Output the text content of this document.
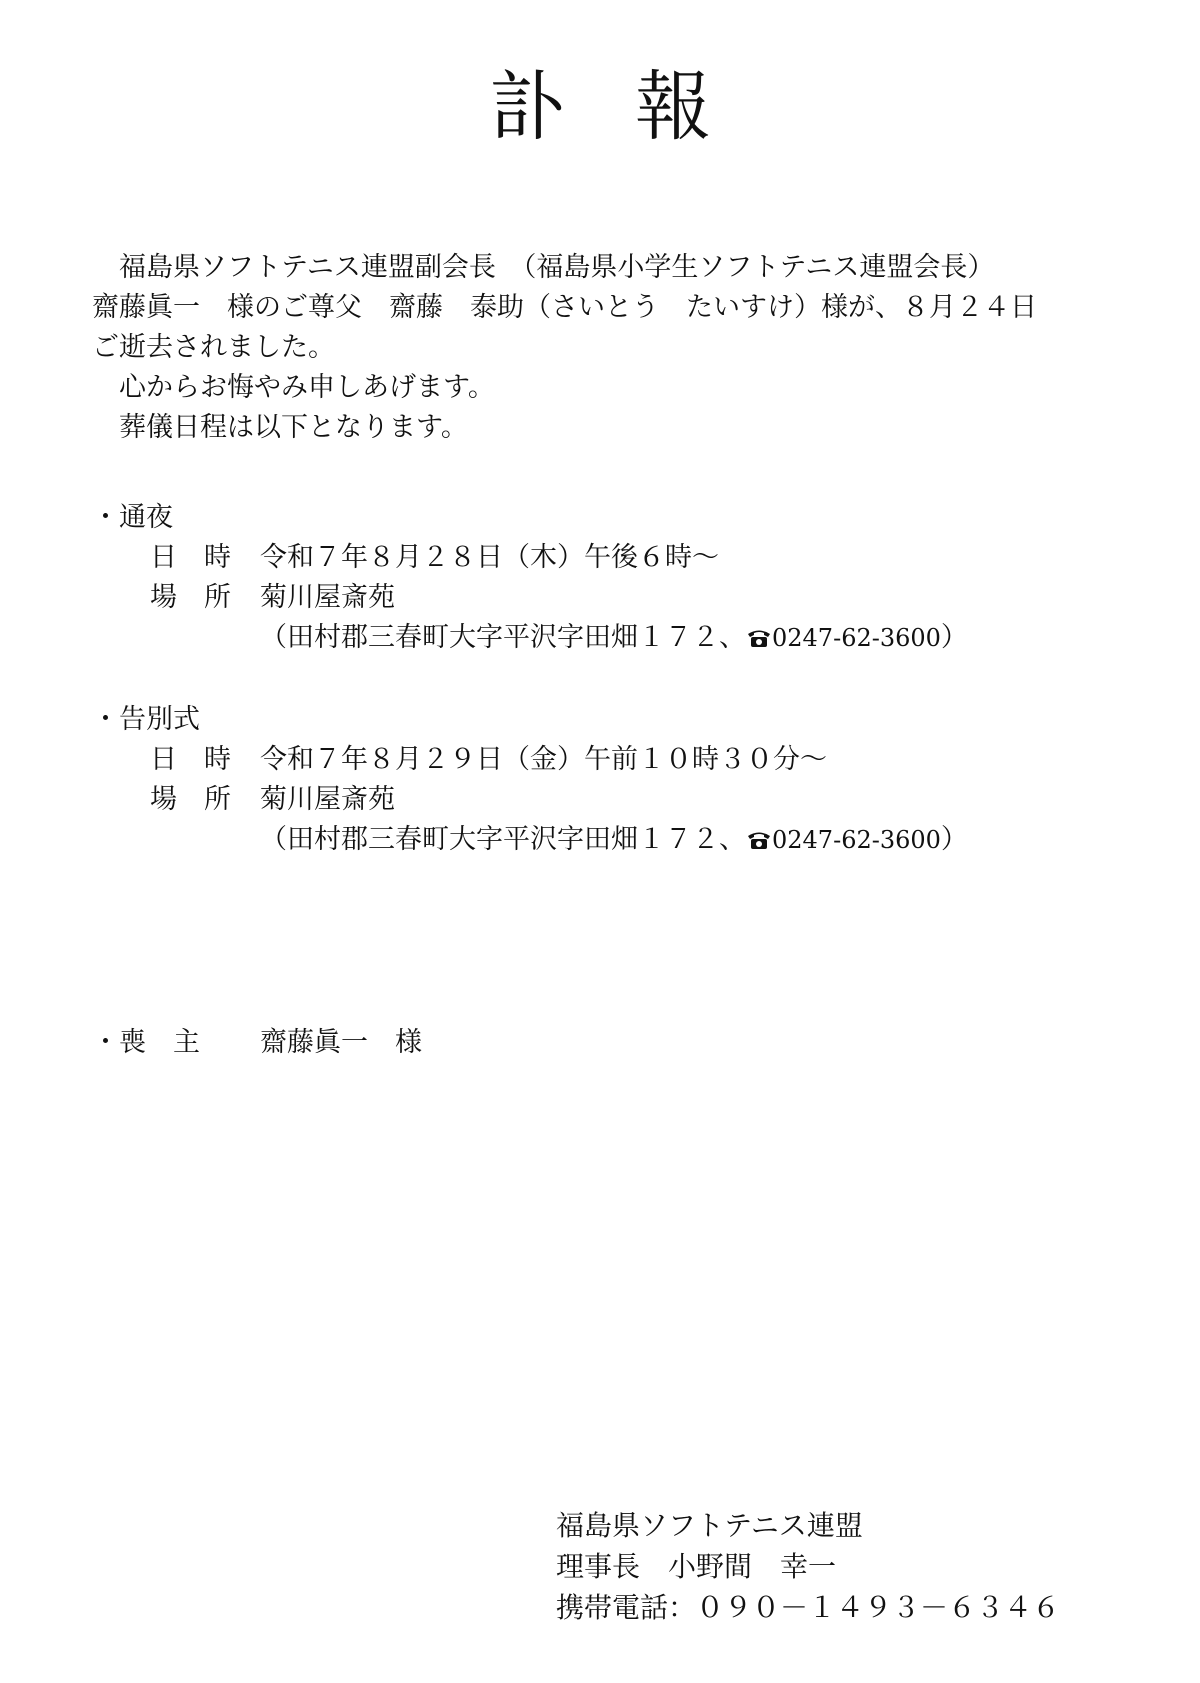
訃報

　福島県ソフトテニス連盟副会長　（福島県小学生ソフトテニス連盟会長）

齋藤眞一　様のご尊父　齋藤　泰助（さいとう　たいすけ）様が、８月２４日

ご逝去されました。

　心からお悔やみ申しあげます。

　葬儀日程は以下となります。

・通夜
日　時	令和７年８月２８日（木）午後６時～
場　所	菊川屋斎苑
（田村郡三春町大字平沢字田畑１７２、 0247-62-3600 ）
・告別式
日　時	令和７年８月２９日（金）午前１０時３０分～
場　所	菊川屋斎苑
（田村郡三春町大字平沢字田畑１７２、 0247-62-3600 ）
・喪　主	齋藤眞一　様
福島県ソフトテニス連盟
理事長　小野間　幸一
携帯電話：０９０－１４９３－６３４６
